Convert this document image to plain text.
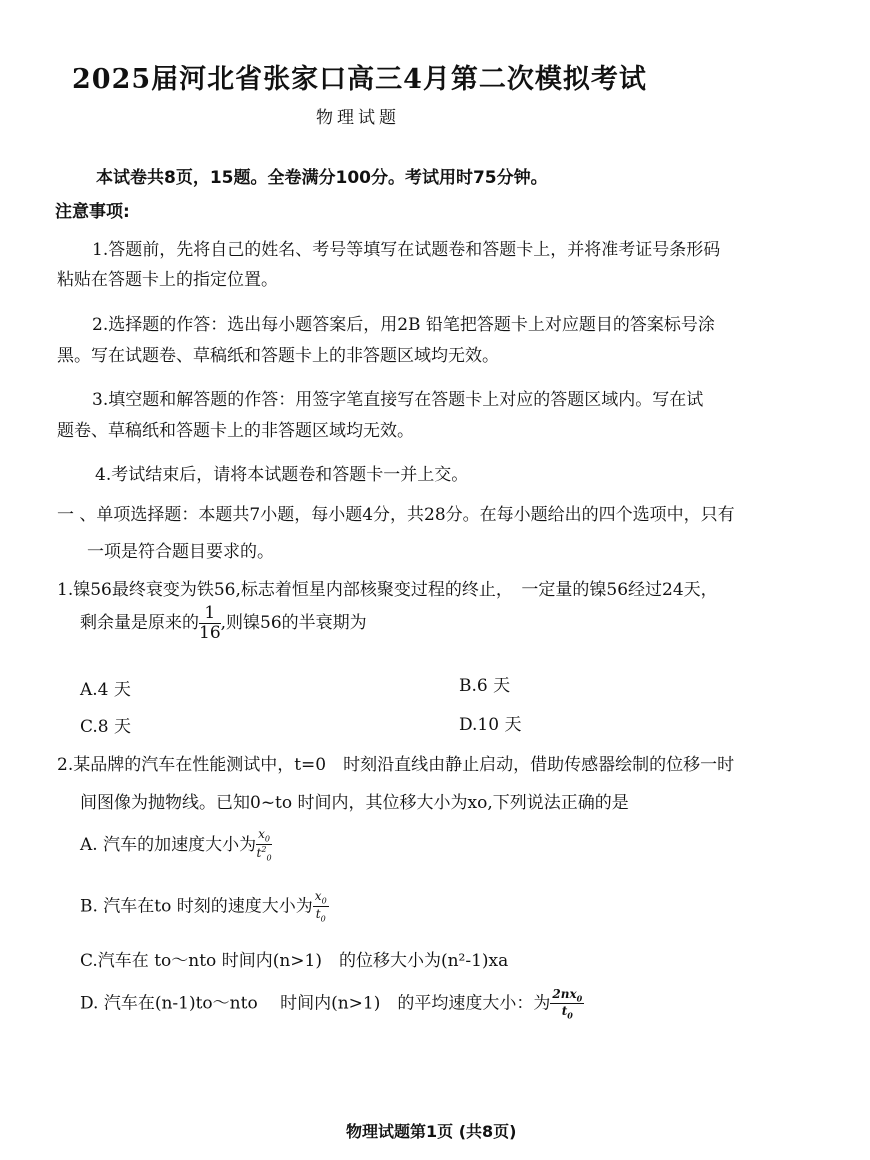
2025届河北省张家口高三4月第二次模拟考试
物理试题
本试卷共8页，15题。全卷满分100分。考试用时75分钟。
注意事项:
1.答题前，先将自己的姓名、考号等填写在试题卷和答题卡上，并将准考证号条形码
粘贴在答题卡上的指定位置。
2.选择题的作答：选出每小题答案后，用2B 铅笔把答题卡上对应题目的答案标号涂
黑。写在试题卷、草稿纸和答题卡上的非答题区域均无效。
3.填空题和解答题的作答：用签字笔直接写在答题卡上对应的答题区域内。写在试
题卷、草稿纸和答题卡上的非答题区域均无效。
4.考试结束后，请将本试题卷和答题卡一并上交。
一 、单项选择题：本题共7小题，每小题4分，共28分。在每小题给出的四个选项中，只有
一项是符合题目要求的。
1.镍56最终衰变为铁56,标志着恒星内部核聚变过程的终止，　一定量的镍56经过24天，
剩余量是原来的 $\frac{1}{16}$ ,则镍56的半衰期为
A.4 天	B.6 天
C.8 天	D.10 天
2.某品牌的汽车在性能测试中，t=0　时刻沿直线由静止启动，借助传感器绘制的位移一时
间图像为抛物线。已知0~to 时间内，其位移大小为xo,下列说法正确的是
A. 汽车的加速度大小为 $\frac{x_0}{t^2_0}$
B. 汽车在to 时刻的速度大小为 $\frac{x_0}{t_0}$
C.汽车在 to～nto 时间内(n>1)　的位移大小为(n²-1)xa
D. 汽车在(n-1)to～nto　 时间内(n>1)　的平均速度大小：为 $\frac{2nx_0}{t_0}$
物理试题第1页 (共8页)
